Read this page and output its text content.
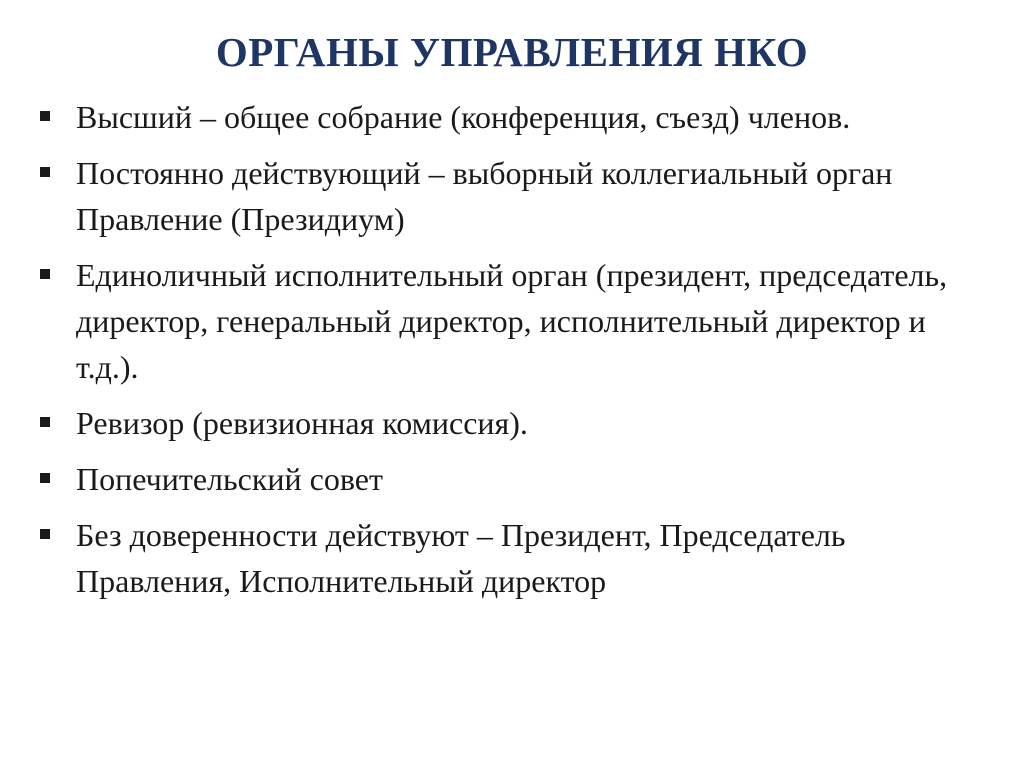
ОРГАНЫ УПРАВЛЕНИЯ НКО
Высший – общее собрание (конференция, съезд) членов.
Постоянно действующий – выборный коллегиальный орган Правление (Президиум)
Единоличный исполнительный орган (президент, председатель, директор, генеральный директор, исполнительный директор и т.д.).
Ревизор (ревизионная комиссия).
Попечительский совет
Без доверенности действуют – Президент, Председатель Правления, Исполнительный директор
